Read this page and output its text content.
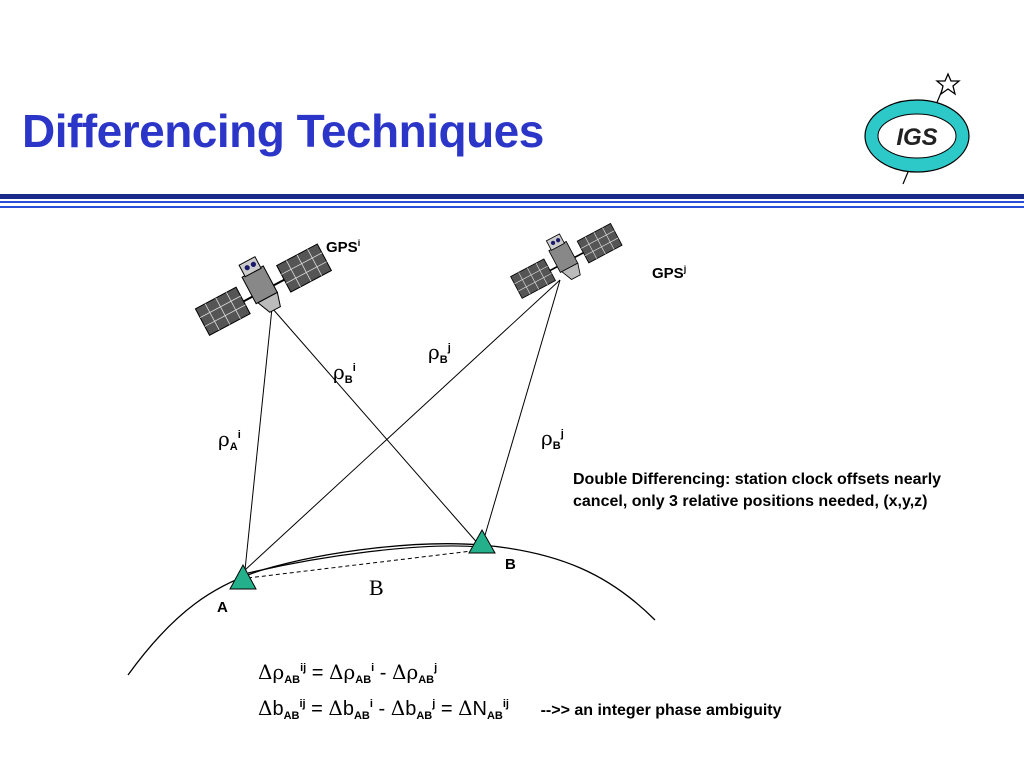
Differencing Techniques	IGS
GPS$^i$
GPS$^j$
$\rho_A^i$
$\rho_B^i$
$\rho_B^j$
$\rho_B^j$
A
B
B
Double Differencing: station clock offsets nearly cancel, only 3 relative positions needed, (x,y,z)
$\Delta\rho_{AB}^{ij} = \Delta\rho_{AB}^i - \Delta\rho_{AB}^j$
$\Delta b_{AB}^{ij} = \Delta b_{AB}^i - \Delta b_{AB}^j = \Delta N_{AB}^{ij}$ -->> an integer phase ambiguity
